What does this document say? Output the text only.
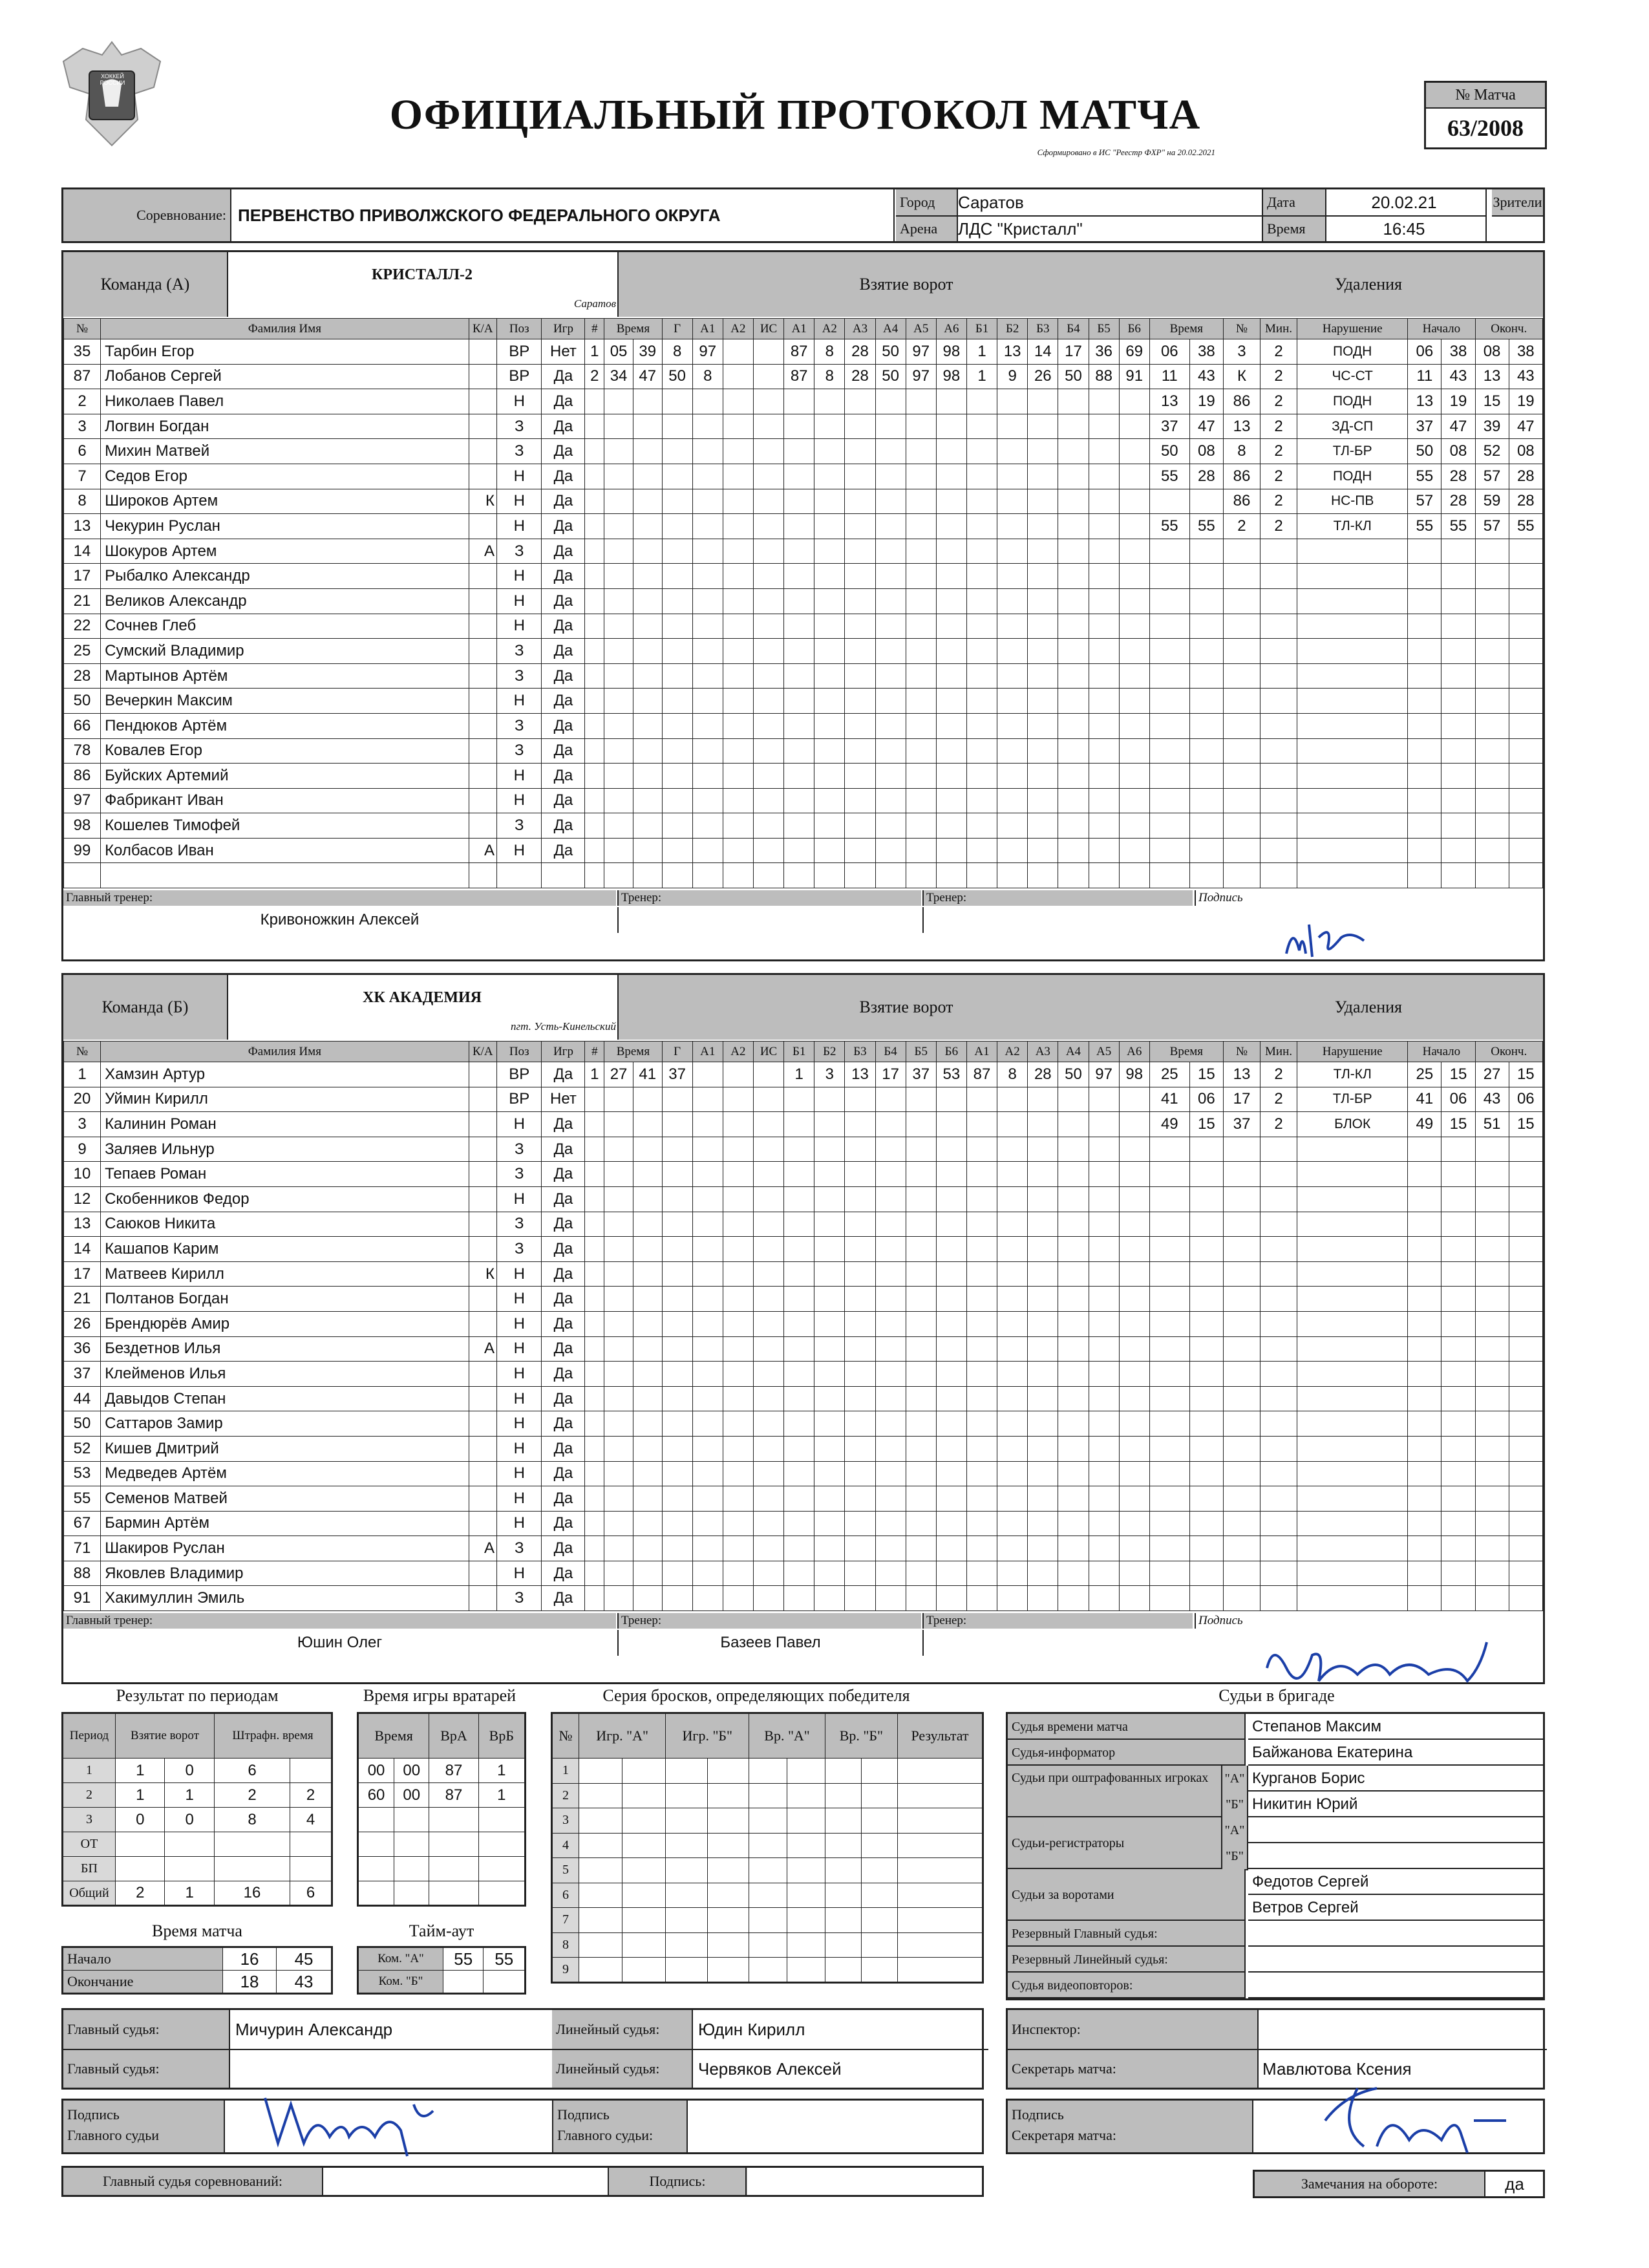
ХОККЕЙ РОССИИ
ОФИЦИАЛЬНЫЙ ПРОТОКОЛ МАТЧА
Сформировано в ИС "Реестр ФХР" на 20.02.2021
№ Матча
63/2008
Соревнование: ПЕРВЕНСТВО ПРИВОЛЖСКОГО ФЕДЕРАЛЬНОГО ОКРУГА
Город	Саратов
Арена	ЛДС "Кристалл"
Дата	20.02.21
Время	16:45
Зрители
Команда (А)	КРИСТАЛЛ-2
Саратов
Взятие ворот	Удаления
№	Фамилия Имя	К/А	Поз	Игр	#	Время		Г	А1	А2	ИС	А1	А2	А3	А4	А5	А6	Б1	Б2	Б3	Б4	Б5	Б6	Время		№	Мин.	Нарушение	Начало		Оконч.	
35	Тарбин Егор		ВР	Нет	1	05	39	8	97			87	8	28	50	97	98	1	13	14	17	36	69	06	38	3	2	ПОДН	06	38	08	38
87	Лобанов Сергей		ВР	Да	2	34	47	50	8			87	8	28	50	97	98	1	9	26	50	88	91	11	43	К	2	ЧС-СТ	11	43	13	43
2	Николаев Павел		Н	Да																				13	19	86	2	ПОДН	13	19	15	19
3	Логвин Богдан		З	Да																				37	47	13	2	ЗД-СП	37	47	39	47
6	Михин Матвей		З	Да																				50	08	8	2	ТЛ-БР	50	08	52	08
7	Седов Егор		Н	Да																				55	28	86	2	ПОДН	55	28	57	28
8	Широков Артем	К	Н	Да																						86	2	НС-ПВ	57	28	59	28
13	Чекурин Руслан		Н	Да																				55	55	2	2	ТЛ-КЛ	55	55	57	55
14	Шокуров Артем	А	З	Да																												
17	Рыбалко Александр		Н	Да																												
21	Великов Александр		Н	Да																												
22	Сочнев Глеб		Н	Да																												
25	Сумский Владимир		З	Да																												
28	Мартынов Артём		З	Да																												
50	Вечеркин Максим		Н	Да																												
66	Пендюков Артём		З	Да																												
78	Ковалев Егор		З	Да																												
86	Буйских Артемий		Н	Да																												
97	Фабрикант Иван		Н	Да																												
98	Кошелев Тимофей		З	Да																												
99	Колбасов Иван	А	Н	Да																												

Главный тренер:
Кривоножкин Алексей
Тренер:	Тренер:	Подпись
Команда (Б)	ХК АКАДЕМИЯ
пгт. Усть-Кинельский
Взятие ворот	Удаления
№	Фамилия Имя	К/А	Поз	Игр	#	Время		Г	А1	А2	ИС	Б1	Б2	Б3	Б4	Б5	Б6	А1	А2	А3	А4	А5	А6	Время		№	Мин.	Нарушение	Начало		Оконч.	
1	Хамзин Артур		ВР	Да	1	27	41	37				1	3	13	17	37	53	87	8	28	50	97	98	25	15	13	2	ТЛ-КЛ	25	15	27	15
20	Уймин Кирилл		ВР	Нет																				41	06	17	2	ТЛ-БР	41	06	43	06
3	Калинин Роман		Н	Да																				49	15	37	2	БЛОК	49	15	51	15
9	Заляев Ильнур		З	Да																												
10	Тепаев Роман		З	Да																												
12	Скобенников Федор		Н	Да																												
13	Саюков Никита		З	Да																												
14	Кашапов Карим		З	Да																												
17	Матвеев Кирилл	К	Н	Да																												
21	Полтанов Богдан		Н	Да																												
26	Брендюрёв Амир		Н	Да																												
36	Бездетнов Илья	А	Н	Да																												
37	Клейменов Илья		Н	Да																												
44	Давыдов Степан		Н	Да																												
50	Саттаров Замир		Н	Да																												
52	Кишев Дмитрий		Н	Да																												
53	Медведев Артём		Н	Да																												
55	Семенов Матвей		Н	Да																												
67	Бармин Артём		Н	Да																												
71	Шакиров Руслан	А	З	Да																												
88	Яковлев Владимир		Н	Да																												
91	Хакимуллин Эмиль		З	Да																												
Главный тренер:
Юшин Олег
Тренер:
Базеев Павел
Тренер:	Подпись
Результат по периодам
Период	Взятие ворот		Штрафн. время	
1	1	0	6	
2	1	1	2	2
3	0	0	8	4
ОТ				
БП				
Общий	2	1	16	6
Время матча
Начало	16	45
Окончание	18	43
Время игры вратарей
Время		ВрА	ВрБ
00	00	87	1
60	00	87	1

Тайм-аут
Ком. "А"	55	55
Ком. "Б"		
Серия бросков, определяющих победителя
№	Игр. "А"		Игр. "Б"		Вр. "А"		Вр. "Б"		Результат
1									
2									
3									
4									
5									
6									
7									
8									
9									
Судьи в бригаде
Судья времени матча	Степанов Максим
Судья-информатор	Байжанова Екатерина
Судьи при оштрафованных игроках	"А" Курганов Борис
"Б" Никитин Юрий
Судьи-регистраторы
"А"
"Б"
Судьи за воротами
Федотов Сергей
Ветров Сергей
Резервный Главный судья:
Резервный Линейный судья:
Судья видеоповторов:
Главный судья:	Мичурин Александр
Главный судья:
Линейный судья:	Юдин Кирилл
Линейный судья:	Червяков Алексей
Инспектор:
Секретарь матча:	Мавлютова Ксения
Подпись
Главного судьи
Подпись
Главного судьи:
Подпись
Секретаря матча:
Главный судья соревнований:	Подпись:	Замечания на обороте:	да
